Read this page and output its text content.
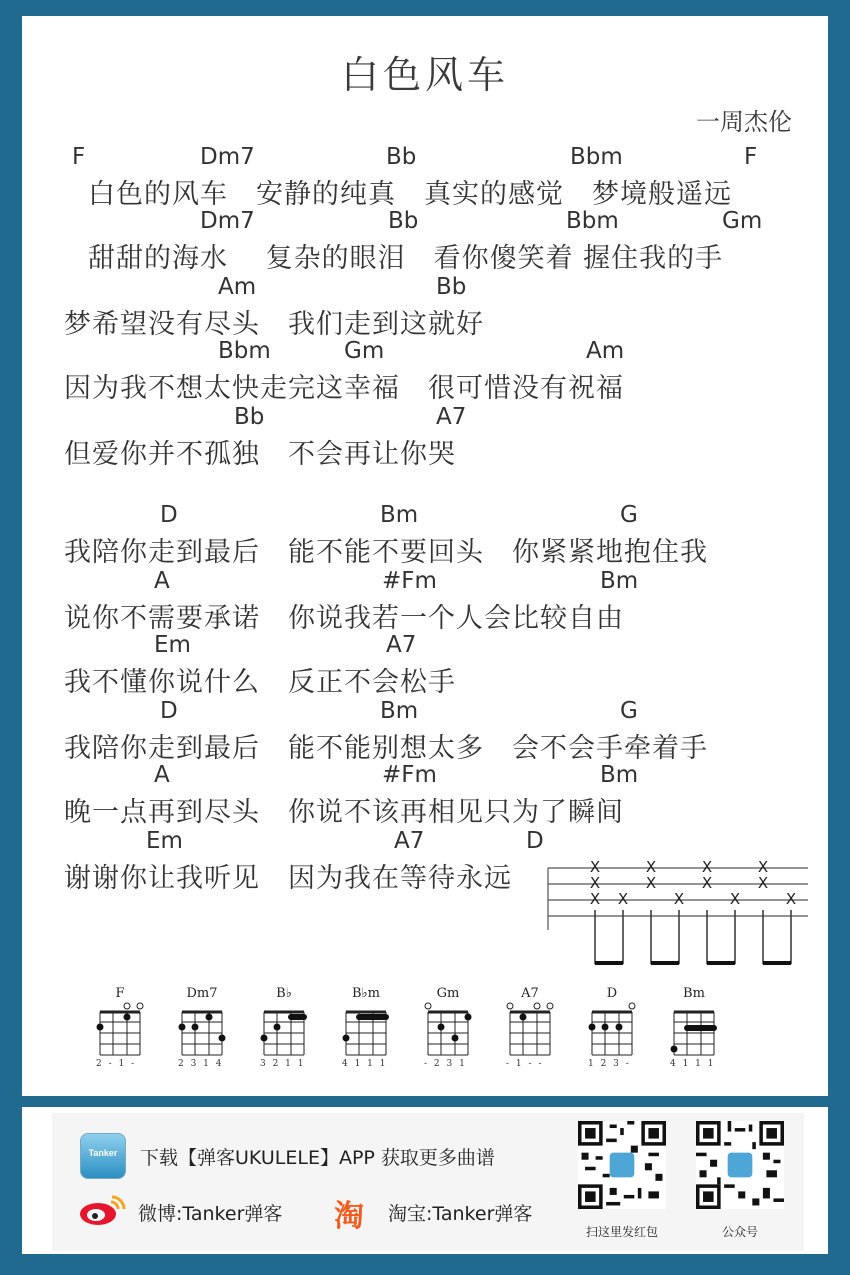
白色风车
一周杰伦
F	Dm7	Bb	Bbm	F
白色的风车　安静的纯真　真实的感觉　梦境般遥远
Dm7	Bb	Bbm	Gm
甜甜的海水　 复杂的眼泪　看你傻笑着 握住我的手
Am	Bb
梦希望没有尽头　我们走到这就好
Bbm	Gm	Am
因为我不想太快走完这幸福　很可惜没有祝福
Bb	A7
但爱你并不孤独　不会再让你哭
D	Bm	G
我陪你走到最后　能不能不要回头　你紧紧地抱住我
A	#Fm	Bm
说你不需要承诺　你说我若一个人会比较自由
Em	A7
我不懂你说什么　反正不会松手
D	Bm	G
我陪你走到最后　能不能别想太多　会不会手牵着手
A	#Fm	Bm
晚一点再到尽头　你说不该再相见只为了瞬间
Em	A7	D
谢谢你让我听见　因为我在等待永远	X
X
X X
X
X
X
X
X
X
X
X
X
F
2 - 1 -
Dm7
2 3 1 4
B♭
3 2 1 1
B♭m
4 1 1 1
Gm
- 2 3 1
A7
- 1 - -
D
1 2 3 -
Bm
4 1 1 1
Tanker	下载【弹客UKULELE】APP 获取更多曲谱
微博:Tanker弹客 淘 淘宝:Tanker弹客
扫这里发红包	公众号
